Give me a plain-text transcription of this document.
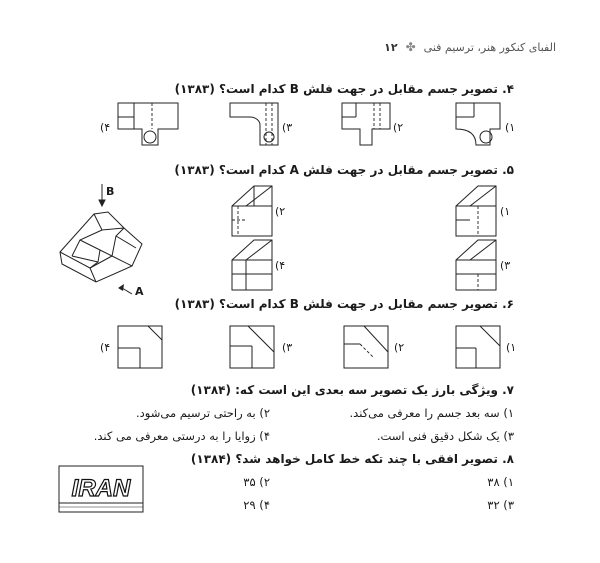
الفبای کنکور هنر، ترسیم فنی
✤
۱۲
۴. تصویر جسم مقابل در جهت فلش B کدام است؟ (۱۳۸۳)
۴)	۳)	۲)	۱)
۵. تصویر جسم مقابل در جهت فلش A کدام است؟ (۱۳۸۳)
B
A
۲)	۱)
۴)	۳)
۶. تصویر جسم مقابل در جهت فلش B کدام است؟ (۱۳۸۳)
۴)	۳)	۲)	۱)
۷. ویژگی بارز یک تصویر سه بعدی این است که: (۱۳۸۴)
۱) سه بعد جسم را معرفی می‌کند.
۲) به راحتی ترسیم می‌شود.
۳) یک شکل دقیق فنی است.
۴) زوایا را به درستی معرفی می کند.
۸. تصویر افقی با چند تکه خط کامل خواهد شد؟ (۱۳۸۴)
۱) ۳۸
۲) ۳۵
۳) ۳۲
۴) ۲۹
IRAN
